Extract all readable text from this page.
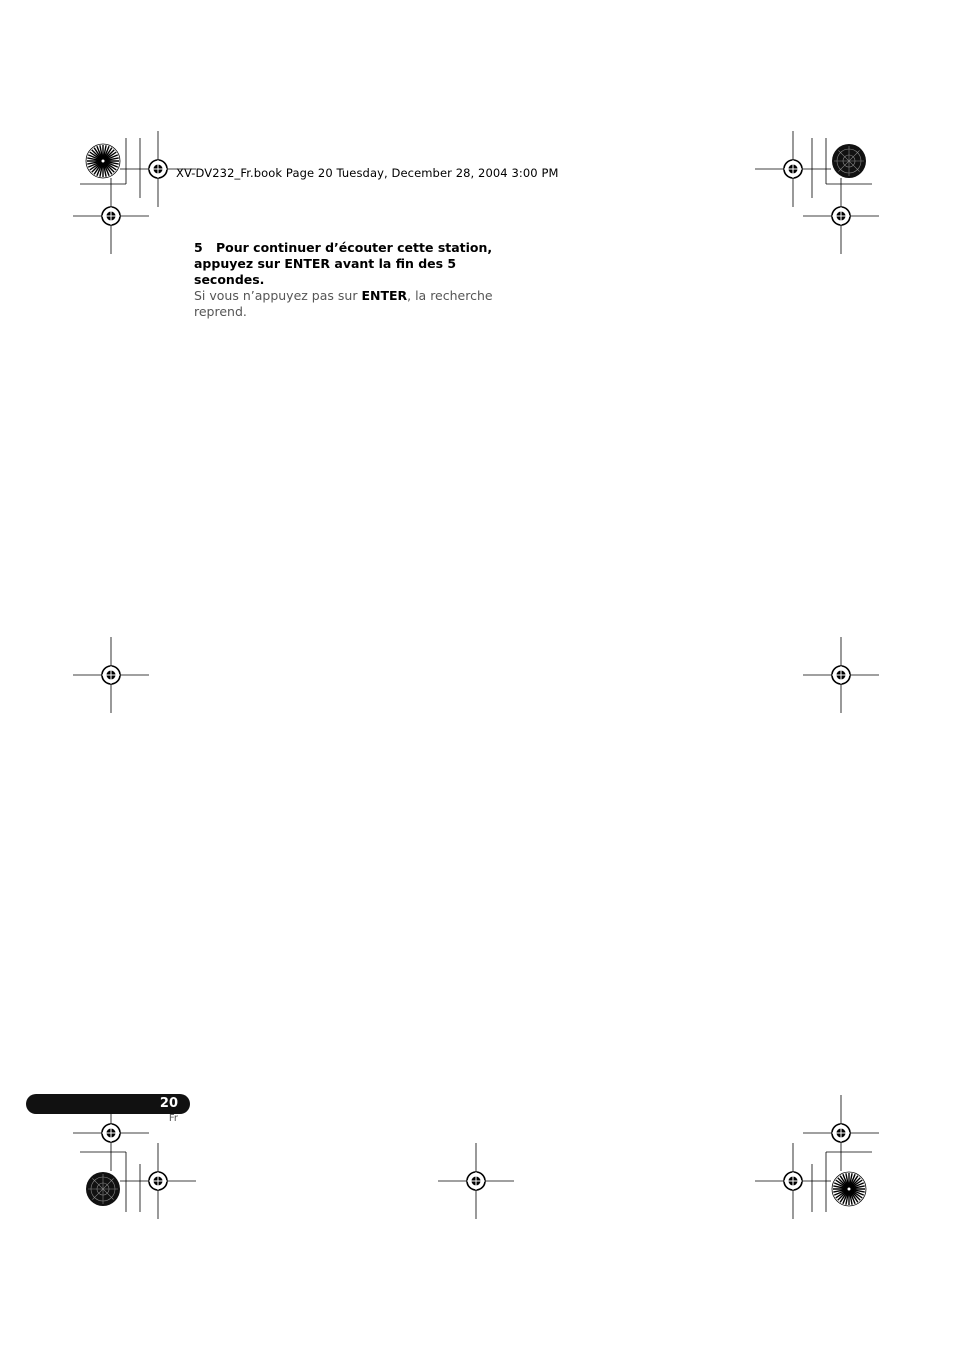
XV-DV232_Fr.book Page 20 Tuesday, December 28, 2004 3:00 PM
5 Pour continuer d’écouter cette station, appuyez sur ENTER avant la fin des 5 secondes.
Si vous n’appuyez pas sur ENTER, la recherche reprend.
20
Fr
